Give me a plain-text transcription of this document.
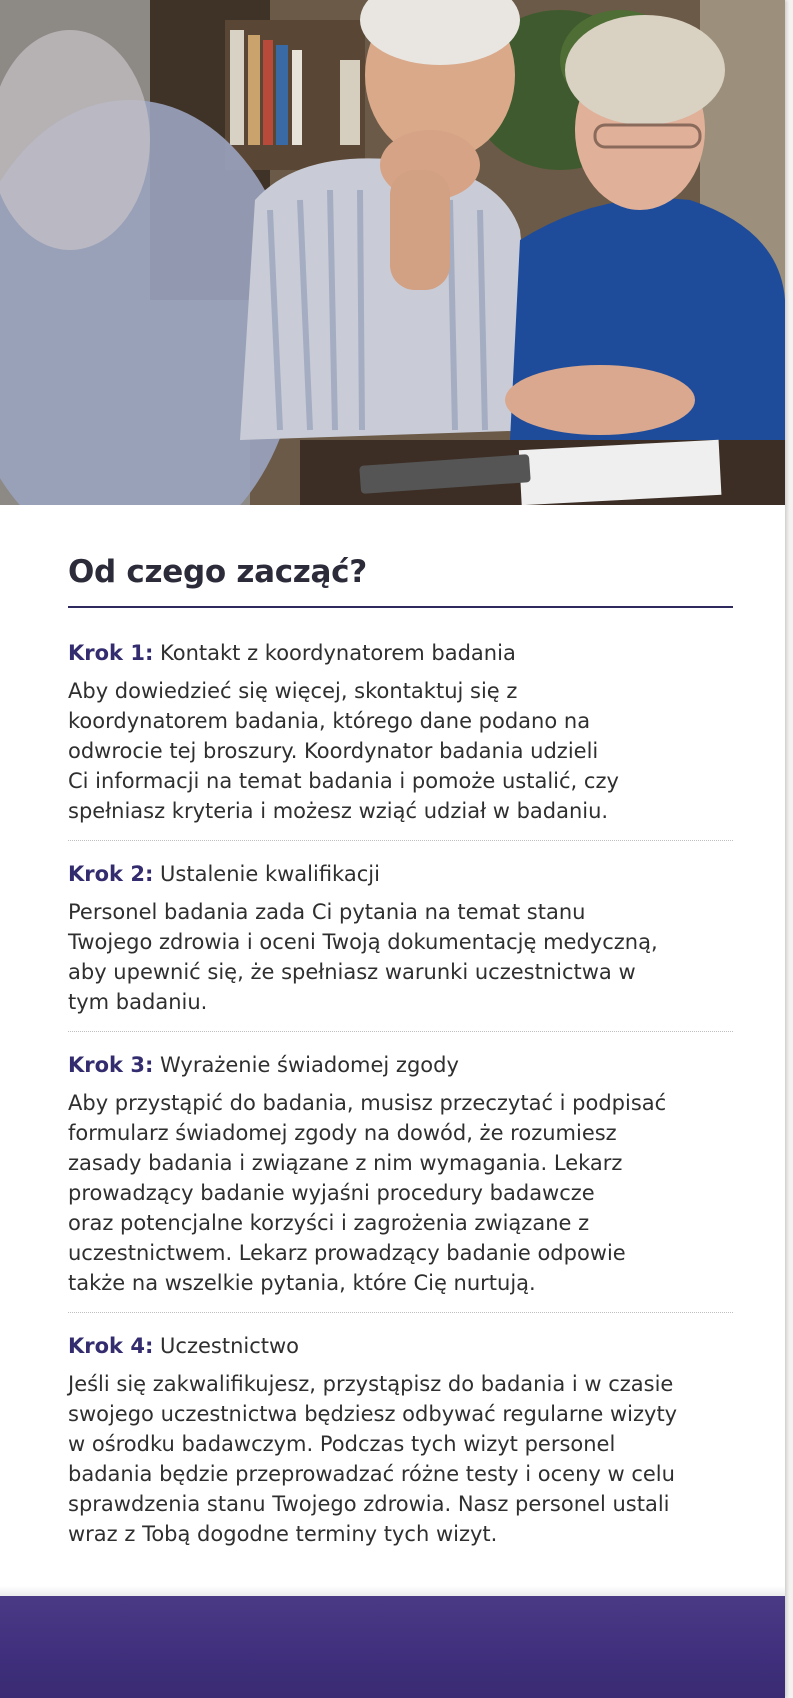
Od czego zacząć?

Krok 1: Kontakt z koordynatorem badania

Aby dowiedzieć się więcej, skontaktuj się z
koordynatorem badania, którego dane podano na
odwrocie tej broszury. Koordynator badania udzieli
Ci informacji na temat badania i pomoże ustalić, czy
spełniasz kryteria i możesz wziąć udział w badaniu.

Krok 2: Ustalenie kwalifikacji

Personel badania zada Ci pytania na temat stanu
Twojego zdrowia i oceni Twoją dokumentację medyczną,
aby upewnić się, że spełniasz warunki uczestnictwa w
tym badaniu.

Krok 3: Wyrażenie świadomej zgody

Aby przystąpić do badania, musisz przeczytać i podpisać
formularz świadomej zgody na dowód, że rozumiesz
zasady badania i związane z nim wymagania. Lekarz
prowadzący badanie wyjaśni procedury badawcze
oraz potencjalne korzyści i zagrożenia związane z
uczestnictwem. Lekarz prowadzący badanie odpowie
także na wszelkie pytania, które Cię nurtują.

Krok 4: Uczestnictwo

Jeśli się zakwalifikujesz, przystąpisz do badania i w czasie
swojego uczestnictwa będziesz odbywać regularne wizyty
w ośrodku badawczym. Podczas tych wizyt personel
badania będzie przeprowadzać różne testy i oceny w celu
sprawdzenia stanu Twojego zdrowia. Nasz personel ustali
wraz z Tobą dogodne terminy tych wizyt.
